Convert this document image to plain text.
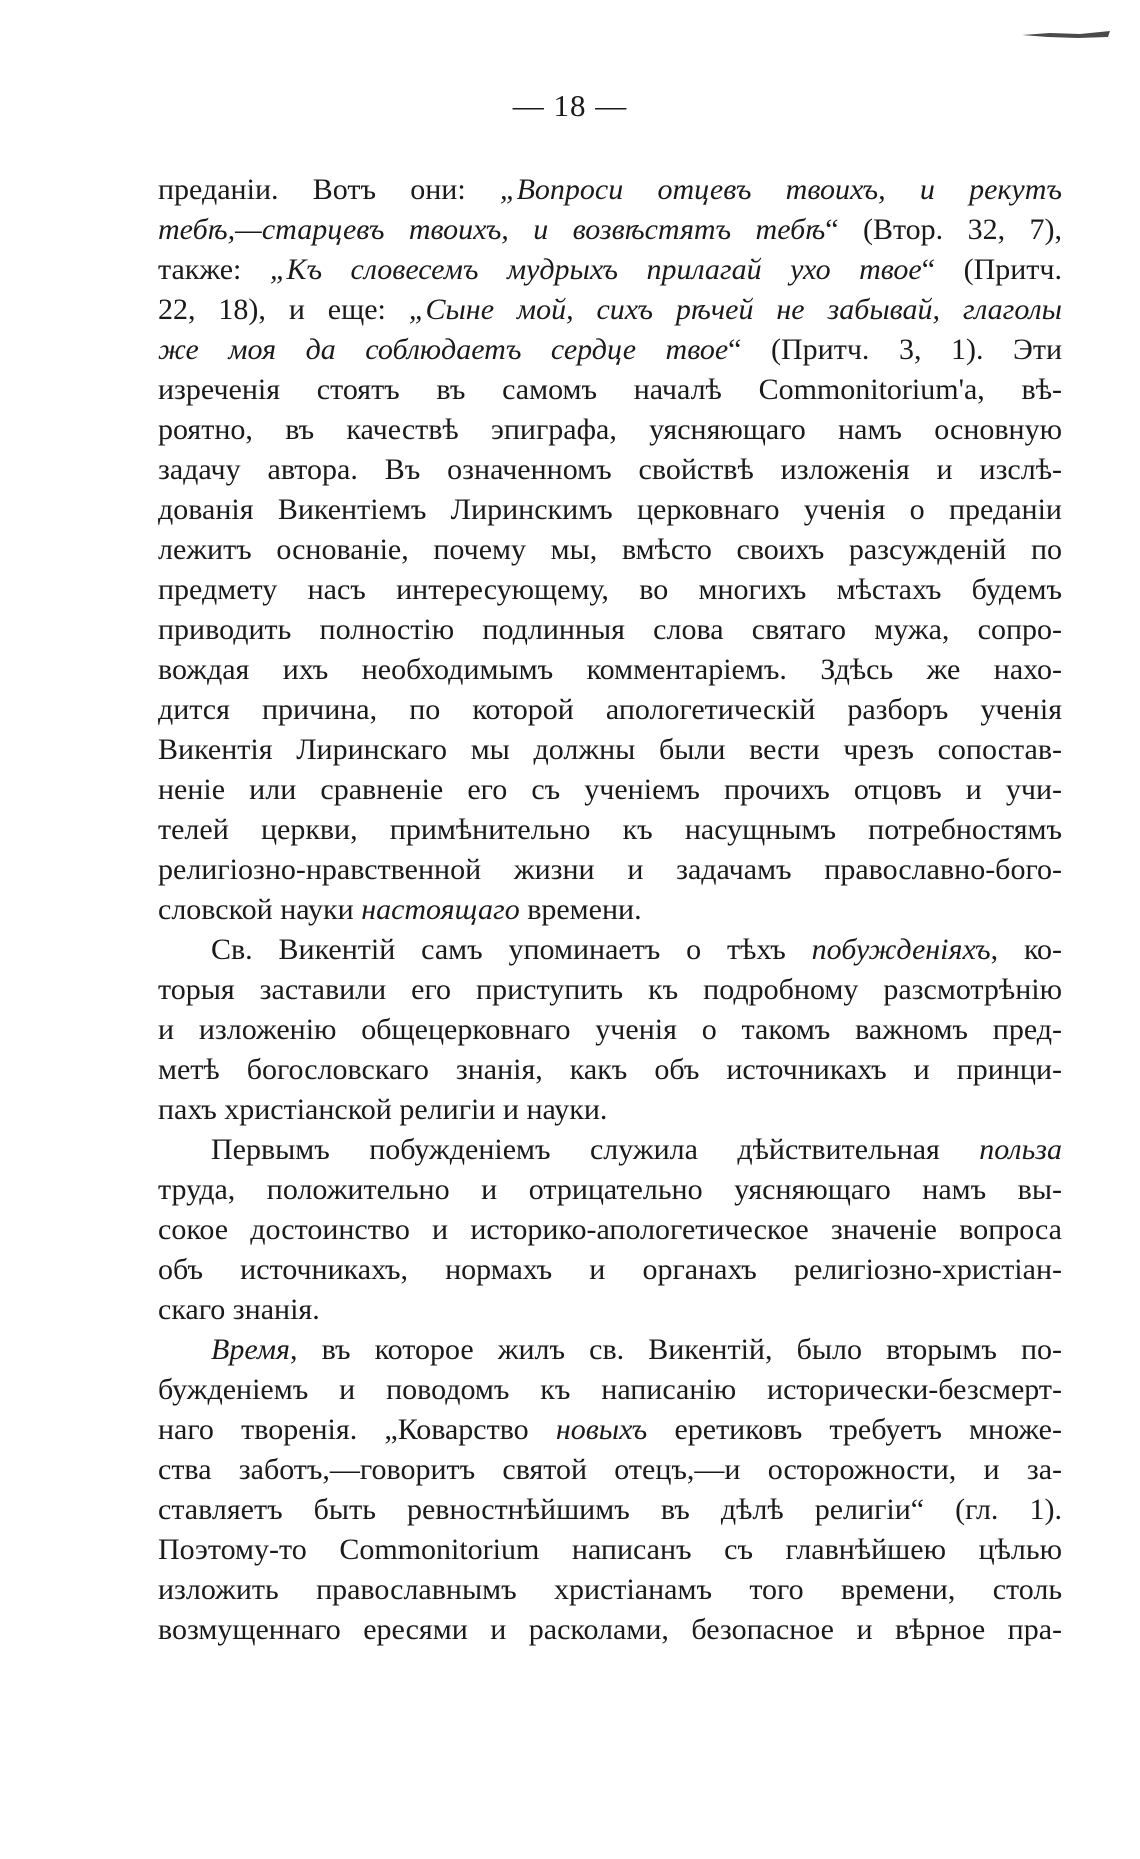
— 18 —
преданіи. Вотъ они: „Вопроси отцевъ твоихъ, и рекутъ
тебѣ,—старцевъ твоихъ, и возвѣстятъ тебѣ“ (Втор. 32, 7),
также: „Къ словесемъ мудрыхъ прилагай ухо твое“ (Притч.
22, 18), и еще: „Сыне мой, сихъ рѣчей не забывай, глаголы
же моя да соблюдаетъ сердце твое“ (Притч. 3, 1). Эти
изреченія стоятъ въ самомъ началѣ Commonitorium'а, вѣ-
роятно, въ качествѣ эпиграфа, уясняющаго намъ основную
задачу автора. Въ означенномъ свойствѣ изложенія и изслѣ-
дованія Викентіемъ Лиринскимъ церковнаго ученія о преданіи
лежитъ основаніе, почему мы, вмѣсто своихъ разсужденій по
предмету насъ интересующему, во многихъ мѣстахъ будемъ
приводить полностію подлинныя слова святаго мужа, сопро-
вождая ихъ необходимымъ комментаріемъ. Здѣсь же нахо-
дится причина, по которой апологетическій разборъ ученія
Викентія Лиринскаго мы должны были вести чрезъ сопостав-
неніе или сравненіе его съ ученіемъ прочихъ отцовъ и учи-
телей церкви, примѣнительно къ насущнымъ потребностямъ
религіозно-нравственной жизни и задачамъ православно-бого-
словской науки настоящаго времени.
Св. Викентій самъ упоминаетъ о тѣхъ побужденіяхъ, ко-
торыя заставили его приступить къ подробному разсмотрѣнію
и изложенію общецерковнаго ученія о такомъ важномъ пред-
метѣ богословскаго знанія, какъ объ источникахъ и принци-
пахъ христіанской религіи и науки.
Первымъ побужденіемъ служила дѣйствительная польза
труда, положительно и отрицательно уясняющаго намъ вы-
сокое достоинство и историко-апологетическое значеніе вопроса
объ источникахъ, нормахъ и органахъ религіозно-христіан-
скаго знанія.
Время, въ которое жилъ св. Викентій, было вторымъ по-
бужденіемъ и поводомъ къ написанію исторически-безсмерт-
наго творенія. „Коварство новыхъ еретиковъ требуетъ множе-
ства заботъ,—говоритъ святой отецъ,—и осторожности, и за-
ставляетъ быть ревностнѣйшимъ въ дѣлѣ религіи“ (гл. 1).
Поэтому-то Commonitorium написанъ съ главнѣйшею цѣлью
изложить православнымъ христіанамъ того времени, столь
возмущеннаго ересями и расколами, безопасное и вѣрное пра-
